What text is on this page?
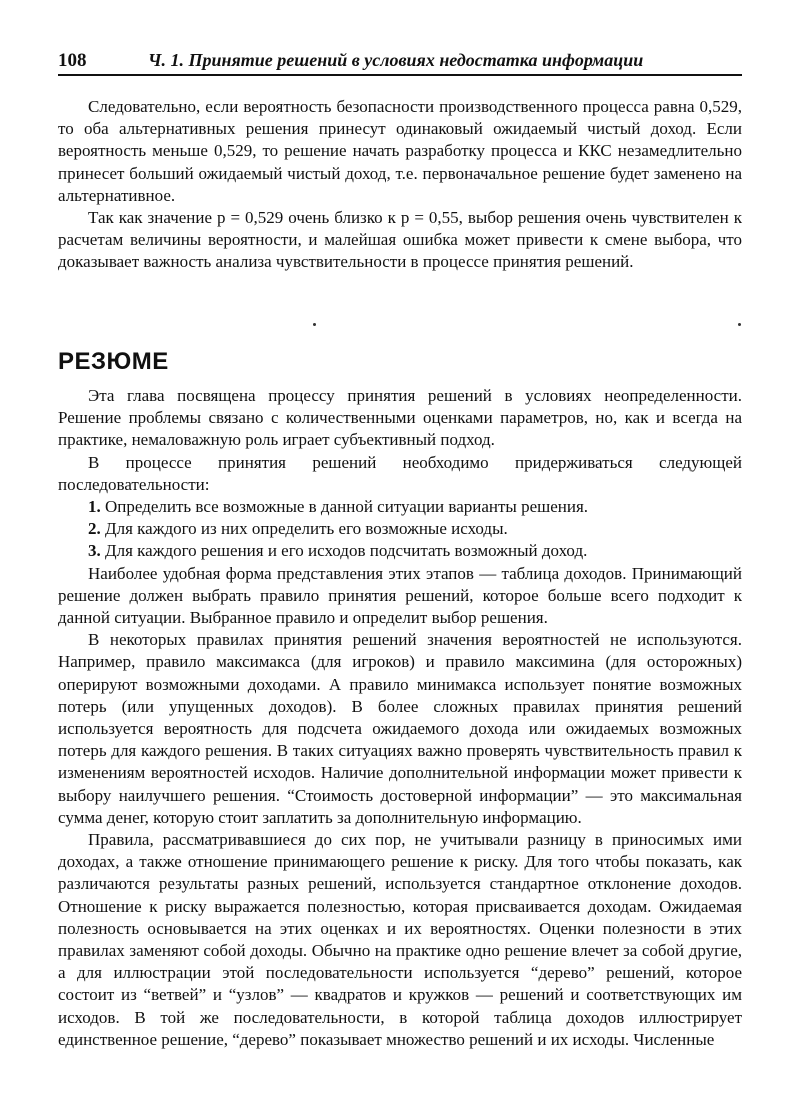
108	Ч. 1. Принятие решений в условиях недостатка информации

Следовательно, если вероятность безопасности производственного процесса равна 0,529, то оба альтернативных решения принесут одинаковый ожидаемый чистый доход. Если вероятность меньше 0,529, то решение начать разработку процесса и ККС незамедлительно принесет больший ожидаемый чистый доход, т.е. первоначальное решение будет заменено на альтернативное.

Так как значение р = 0,529 очень близко к р = 0,55, выбор решения очень чувствителен к расчетам величины вероятности, и малейшая ошибка может привести к смене выбора, что доказывает важность анализа чувствительности в процессе принятия решений.

РЕЗЮМЕ

Эта глава посвящена процессу принятия решений в условиях неопределенности. Решение проблемы связано с количественными оценками параметров, но, как и всегда на практике, немаловажную роль играет субъективный подход.

В процессе принятия решений необходимо придерживаться следующей последовательности:

1. Определить все возможные в данной ситуации варианты решения.

2. Для каждого из них определить его возможные исходы.

3. Для каждого решения и его исходов подсчитать возможный доход.

Наиболее удобная форма представления этих этапов — таблица доходов. Принимающий решение должен выбрать правило принятия решений, которое больше всего подходит к данной ситуации. Выбранное правило и определит выбор решения.

В некоторых правилах принятия решений значения вероятностей не используются. Например, правило максимакса (для игроков) и правило максимина (для осторожных) оперируют возможными доходами. А правило минимакса использует понятие возможных потерь (или упущенных доходов). В более сложных правилах принятия решений используется вероятность для подсчета ожидаемого дохода или ожидаемых возможных потерь для каждого решения. В таких ситуациях важно проверять чувствительность правил к изменениям вероятностей исходов. Наличие дополнительной информации может привести к выбору наилучшего решения. “Стоимость достоверной информации” — это максимальная сумма денег, которую стоит заплатить за дополнительную информацию.

Правила, рассматривавшиеся до сих пор, не учитывали разницу в приносимых ими доходах, а также отношение принимающего решение к риску. Для того чтобы показать, как различаются результаты разных решений, используется стандартное отклонение доходов. Отношение к риску выражается полезностью, которая присваивается доходам. Ожидаемая полезность основывается на этих оценках и их вероятностях. Оценки полезности в этих правилах заменяют собой доходы. Обычно на практике одно решение влечет за собой другие, а для иллюстрации этой последовательности используется “дерево” решений, которое состоит из “ветвей” и “узлов” — квадратов и кружков — решений и соответствующих им исходов. В той же последовательности, в которой таблица доходов иллюстрирует единственное решение, “дерево” показывает множество решений и их исходы. Численные
